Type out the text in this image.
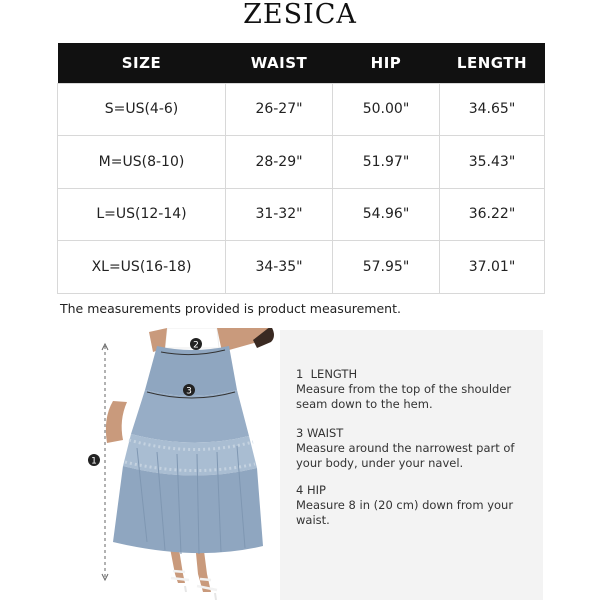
ZESICA
SIZE	WAIST	HIP	LENGTH
S=US(4-6)	26-27"	50.00"	34.65"
M=US(8-10)	28-29"	51.97"	35.43"
L=US(12-14)	31-32"	54.96"	36.22"
XL=US(16-18)	34-35"	57.95"	37.01"
The measurements provided is product measurement.
1 LENGTH
Measure from the top of the shoulder seam down to the hem.
3 WAIST
Measure around the narrowest part of your body, under your navel.
4 HIP
Measure 8 in (20 cm) down from your waist.
1
2
3
